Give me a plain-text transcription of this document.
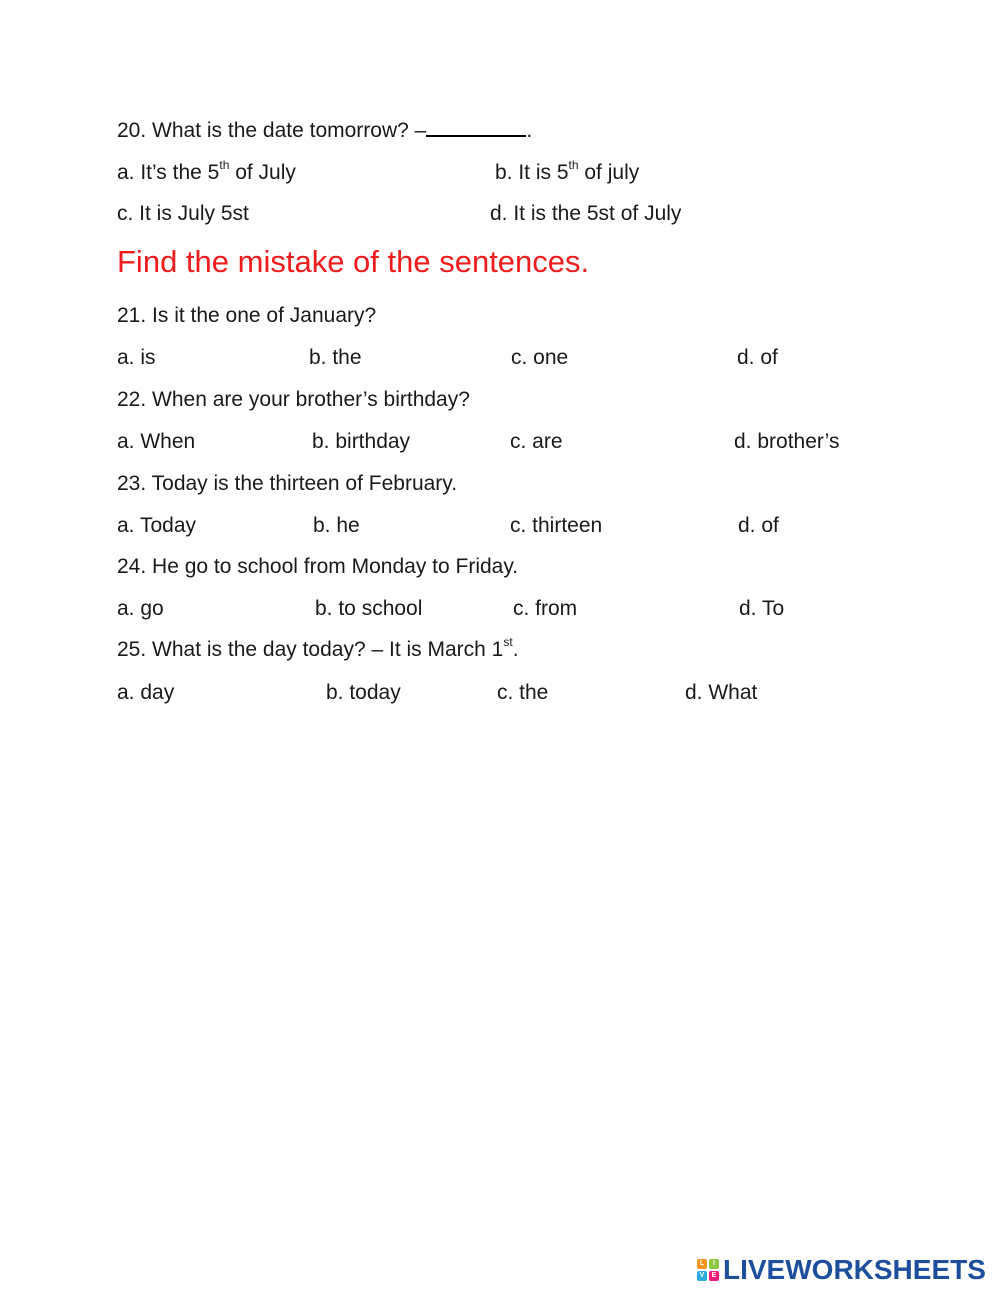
20. What is the date tomorrow? –	.
a. It’s the 5th of July	b. It is 5th of july
c. It is July 5st	d. It is the 5st of July
Find the mistake of the sentences.
21. Is it the one of January?
a. is	b. the	c. one	d. of
22. When are your brother’s birthday?
a. When	b. birthday	c. are	d. brother’s
23. Today is the thirteen of February.
a. Today	b. he	c. thirteen	d. of
24. He go to school from Monday to Friday.
a. go	b. to school	c. from	d. To
25. What is the day today? – It is March 1st.
a. day	b. today	c. the	d. What
L	I
V	E LIVEWORKSHEETS
